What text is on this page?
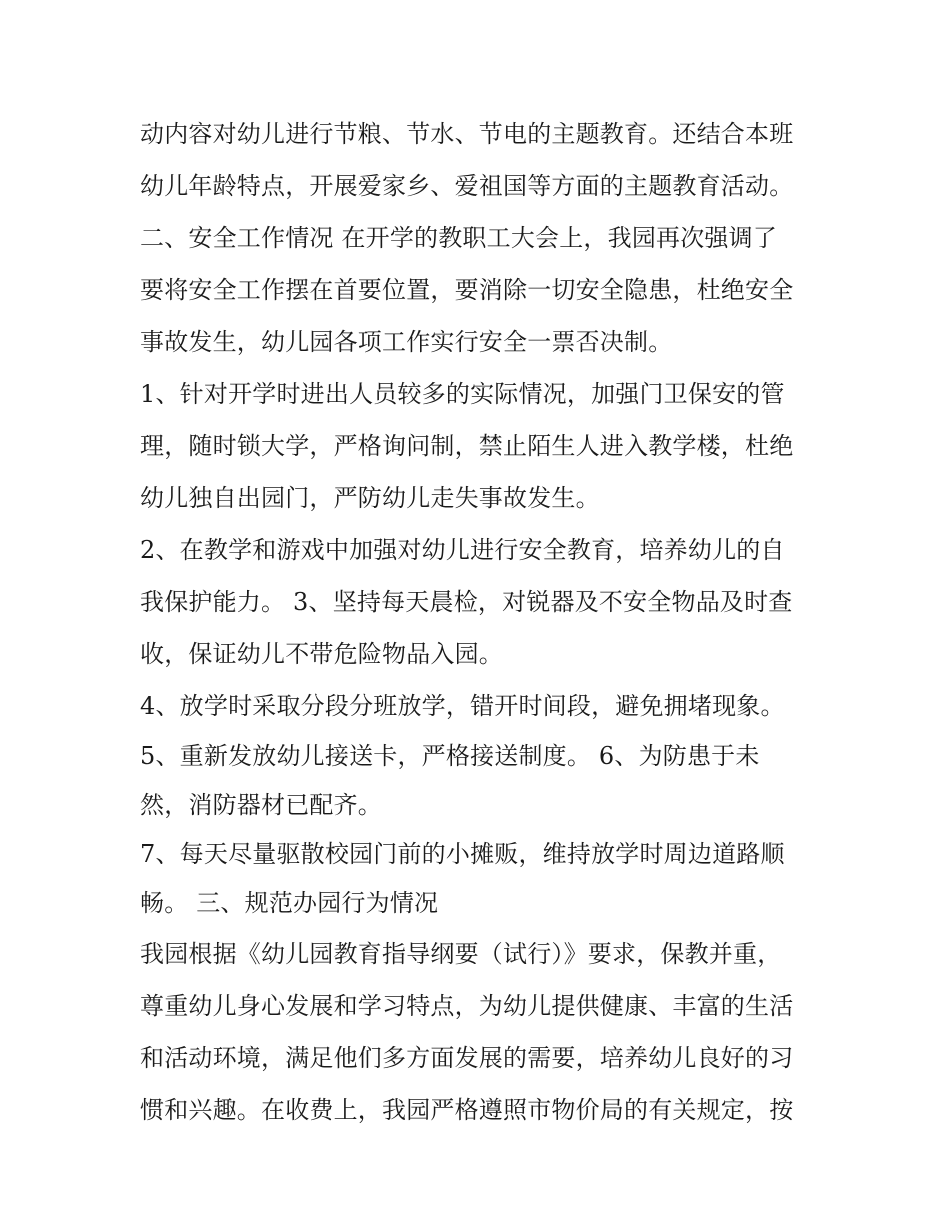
动内容对幼儿进行节粮、节水、节电的主题教育。还结合本班
幼儿年龄特点，开展爱家乡、爱祖国等方面的主题教育活动。
二、安全工作情况 在开学的教职工大会上，我园再次强调了
要将安全工作摆在首要位置，要消除一切安全隐患，杜绝安全
事故发生，幼儿园各项工作实行安全一票否决制。
1、针对开学时进出人员较多的实际情况，加强门卫保安的管
理，随时锁大学，严格询问制，禁止陌生人进入教学楼，杜绝
幼儿独自出园门，严防幼儿走失事故发生。
2、在教学和游戏中加强对幼儿进行安全教育，培养幼儿的自
我保护能力。 3、坚持每天晨检，对锐器及不安全物品及时查
收，保证幼儿不带危险物品入园。
4、放学时采取分段分班放学，错开时间段，避免拥堵现象。
5、重新发放幼儿接送卡，严格接送制度。 6、为防患于未
然，消防器材已配齐。
7、每天尽量驱散校园门前的小摊贩，维持放学时周边道路顺
畅。 三、规范办园行为情况
我园根据《幼儿园教育指导纲要（试行）》要求，保教并重，
尊重幼儿身心发展和学习特点，为幼儿提供健康、丰富的生活
和活动环境，满足他们多方面发展的需要，培养幼儿良好的习
惯和兴趣。在收费上，我园严格遵照市物价局的有关规定，按
